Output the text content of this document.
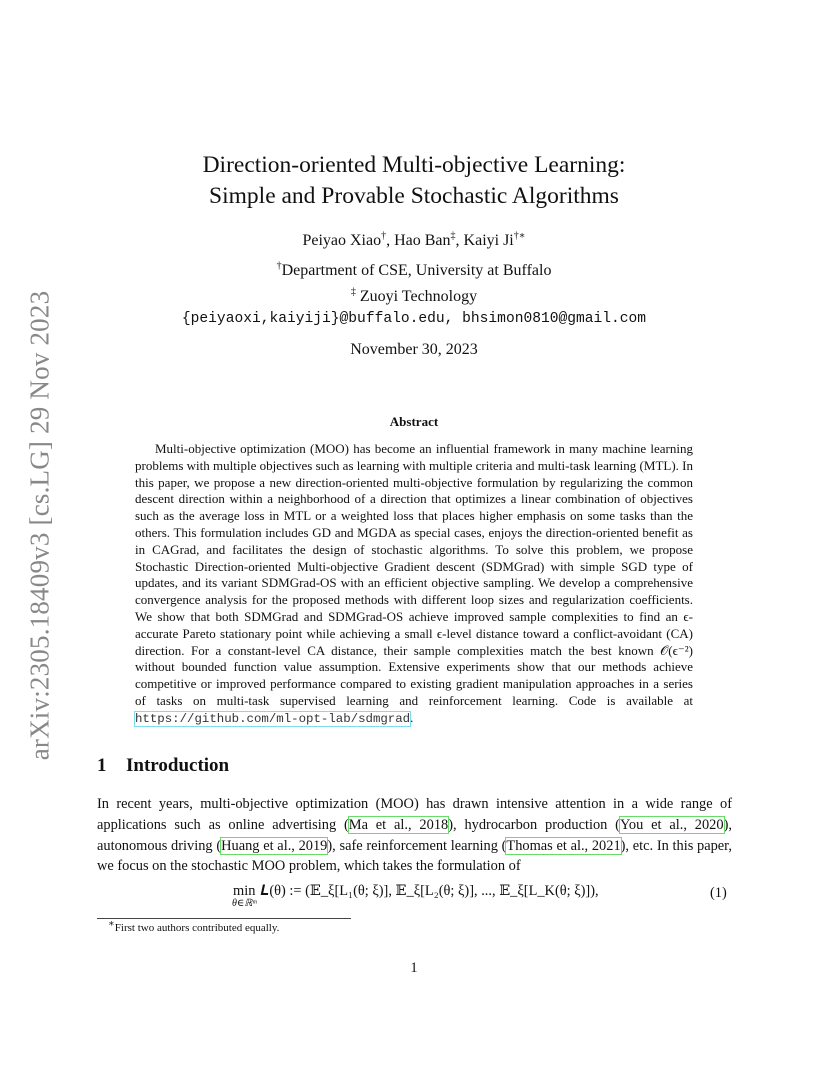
arXiv:2305.18409v3 [cs.LG] 29 Nov 2023
Direction-oriented Multi-objective Learning:
Simple and Provable Stochastic Algorithms
Peiyao Xiao†, Hao Ban‡, Kaiyi Ji†∗
†Department of CSE, University at Buffalo
‡ Zuoyi Technology
{peiyaoxi,kaiyiji}@buffalo.edu, bhsimon0810@gmail.com
November 30, 2023
Abstract

Multi-objective optimization (MOO) has become an influential framework in many machine learning problems with multiple objectives such as learning with multiple criteria and multi-task learning (MTL). In this paper, we propose a new direction-oriented multi-objective formulation by regularizing the common descent direction within a neighborhood of a direction that optimizes a linear combination of objectives such as the average loss in MTL or a weighted loss that places higher emphasis on some tasks than the others. This formulation includes GD and MGDA as special cases, enjoys the direction-oriented benefit as in CAGrad, and facilitates the design of stochastic algorithms. To solve this problem, we propose Stochastic Direction-oriented Multi-objective Gradient descent (SDMGrad) with simple SGD type of updates, and its variant SDMGrad-OS with an efficient objective sampling. We develop a comprehensive convergence analysis for the proposed methods with different loop sizes and regularization coefficients. We show that both SDMGrad and SDMGrad-OS achieve improved sample complexities to find an ϵ-accurate Pareto stationary point while achieving a small ϵ-level distance toward a conflict-avoidant (CA) direction. For a constant-level CA distance, their sample complexities match the best known 𝒪(ϵ⁻²) without bounded function value assumption. Extensive experiments show that our methods achieve competitive or improved performance compared to existing gradient manipulation approaches in a series of tasks on multi-task supervised learning and reinforcement learning. Code is available at https://github.com/ml-opt-lab/sdmgrad.

1 Introduction

In recent years, multi-objective optimization (MOO) has drawn intensive attention in a wide range of applications such as online advertising (Ma et al., 2018), hydrocarbon production (You et al., 2020), autonomous driving (Huang et al., 2019), safe reinforcement learning (Thomas et al., 2021), etc. In this paper, we focus on the stochastic MOO problem, which takes the formulation of

min
θ∈ℝᵐ
𝑳(θ) := (𝔼_ξ[L₁(θ; ξ)], 𝔼_ξ[L₂(θ; ξ)], ..., 𝔼_ξ[L_K(θ; ξ)]),	(1)
∗First two authors contributed equally.
1
